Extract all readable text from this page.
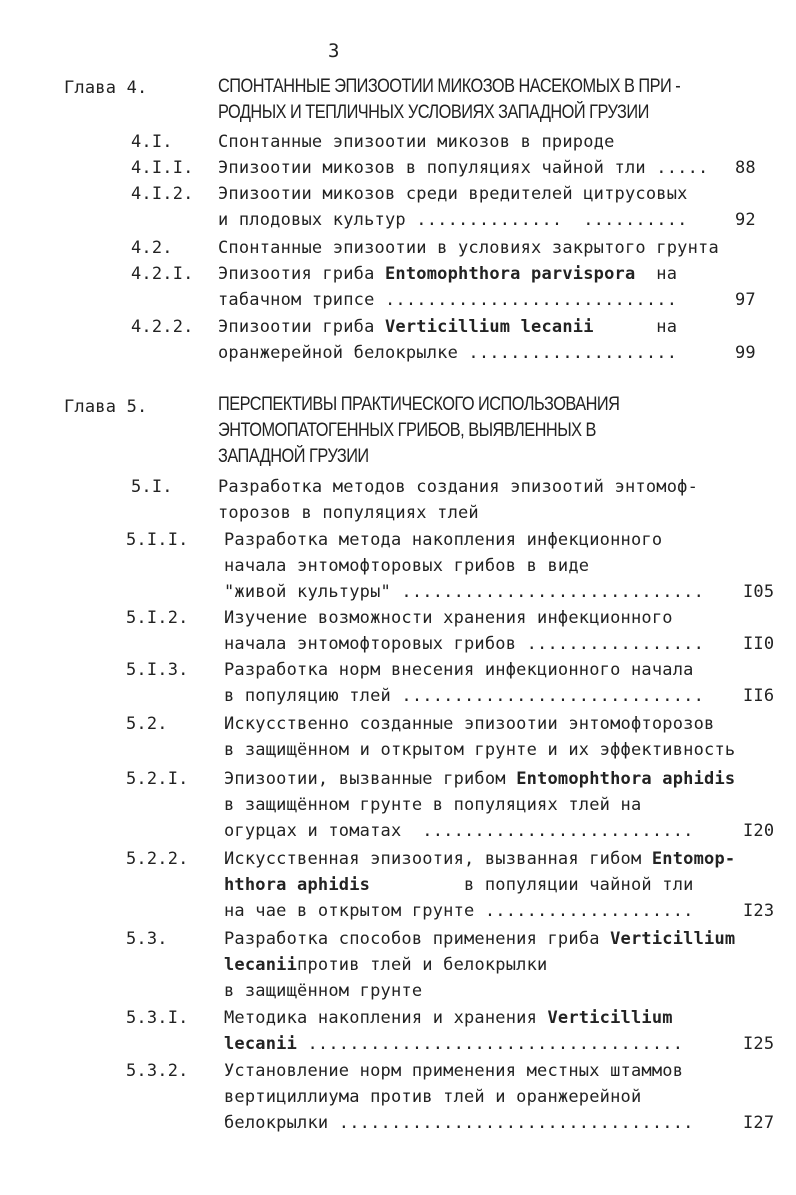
3
Глава 4.	СПОНТАННЫЕ ЭПИЗООТИИ МИКОЗОВ НАСЕКОМЫХ В ПРИ -
РОДНЫХ И ТЕПЛИЧНЫХ УСЛОВИЯХ ЗАПАДНОЙ ГРУЗИИ
4.I.	Спонтанные эпизоотии микозов в природе
4.I.I. Эпизоотии микозов в популяциях чайной тли ..... 88
4.I.2. Эпизоотии микозов среди вредителей цитрусовых
и плодовых культур ..............  ..........	92
4.2.	Спонтанные эпизоотии в условиях закрытого грунта
4.2.I. Эпизоотия гриба Entomophthora parvispora  на
табачном трипсе ............................	97
4.2.2. Эпизоотии гриба Verticillium lecanii      на
оранжерейной белокрылке ....................	99
Глава 5.	ПЕРСПЕКТИВЫ ПРАКТИЧЕСКОГО ИСПОЛЬЗОВАНИЯ
ЭНТОМОПАТОГЕННЫХ ГРИБОВ, ВЫЯВЛЕННЫХ В
ЗАПАДНОЙ ГРУЗИИ
5.I.	Разработка методов создания эпизоотий энтомоф-
торозов в популяциях тлей
5.I.I. Разработка метода накопления инфекционного
начала энтомофторовых грибов в виде
"живой культуры" ............................. I05
5.I.2. Изучение возможности хранения инфекционного
начала энтомофторовых грибов ................. II0
5.I.3. Разработка норм внесения инфекционного начала
в популяцию тлей ............................. II6
5.2.	Искусственно созданные эпизоотии энтомофторозов
в защищённом и открытом грунте и их эффективность
5.2.I. Эпизоотии, вызванные грибом Entomophthora aphidis
в защищённом грунте в популяциях тлей на
огурцах и томатах  ..........................	I20
5.2.2. Искусственная эпизоотия, вызванная гибом Entomop-
hthora aphidis         в популяции чайной тли
на чае в открытом грунте ....................	I23
5.3.	Разработка способов применения гриба Verticillium
lecaniiпротив тлей и белокрылки
в защищённом грунте
5.3.I. Методика накопления и хранения Verticillium
lecanii ....................................	I25
5.3.2. Установление норм применения местных штаммов
вертициллиума против тлей и оранжерейной
белокрылки ..................................	I27
